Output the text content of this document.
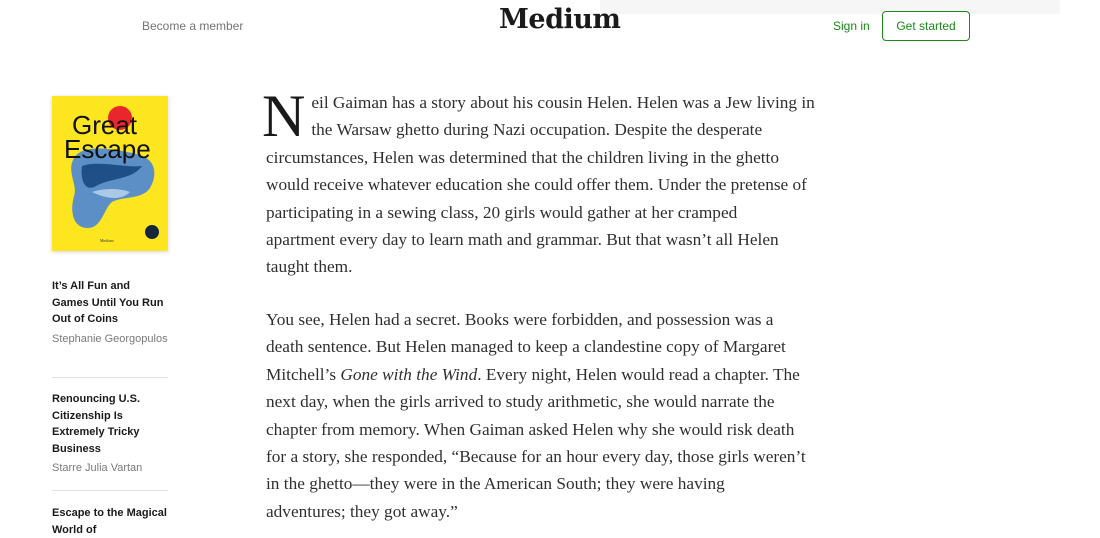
Become a member	Medium	Sign in	Get started
Great
Escape
Medium
It’s All Fun and Games Until You Run Out of Coins
Stephanie Georgopulos
Renouncing U.S. Citizenship Is Extremely Tricky Business
Starre Julia Vartan
Escape to the Magical World of
N eil Gaiman has a story about his cousin Helen. Helen was a Jew living in
the Warsaw ghetto during Nazi occupation. Despite the desperate
circumstances, Helen was determined that the children living in the ghetto
would receive whatever education she could offer them. Under the pretense of
participating in a sewing class, 20 girls would gather at her cramped
apartment every day to learn math and grammar. But that wasn’t all Helen
taught them.
You see, Helen had a secret. Books were forbidden, and possession was a
death sentence. But Helen managed to keep a clandestine copy of Margaret
Mitchell’s Gone with the Wind. Every night, Helen would read a chapter. The
next day, when the girls arrived to study arithmetic, she would narrate the
chapter from memory. When Gaiman asked Helen why she would risk death
for a story, she responded, “Because for an hour every day, those girls weren’t
in the ghetto—they were in the American South; they were having
adventures; they got away.”
